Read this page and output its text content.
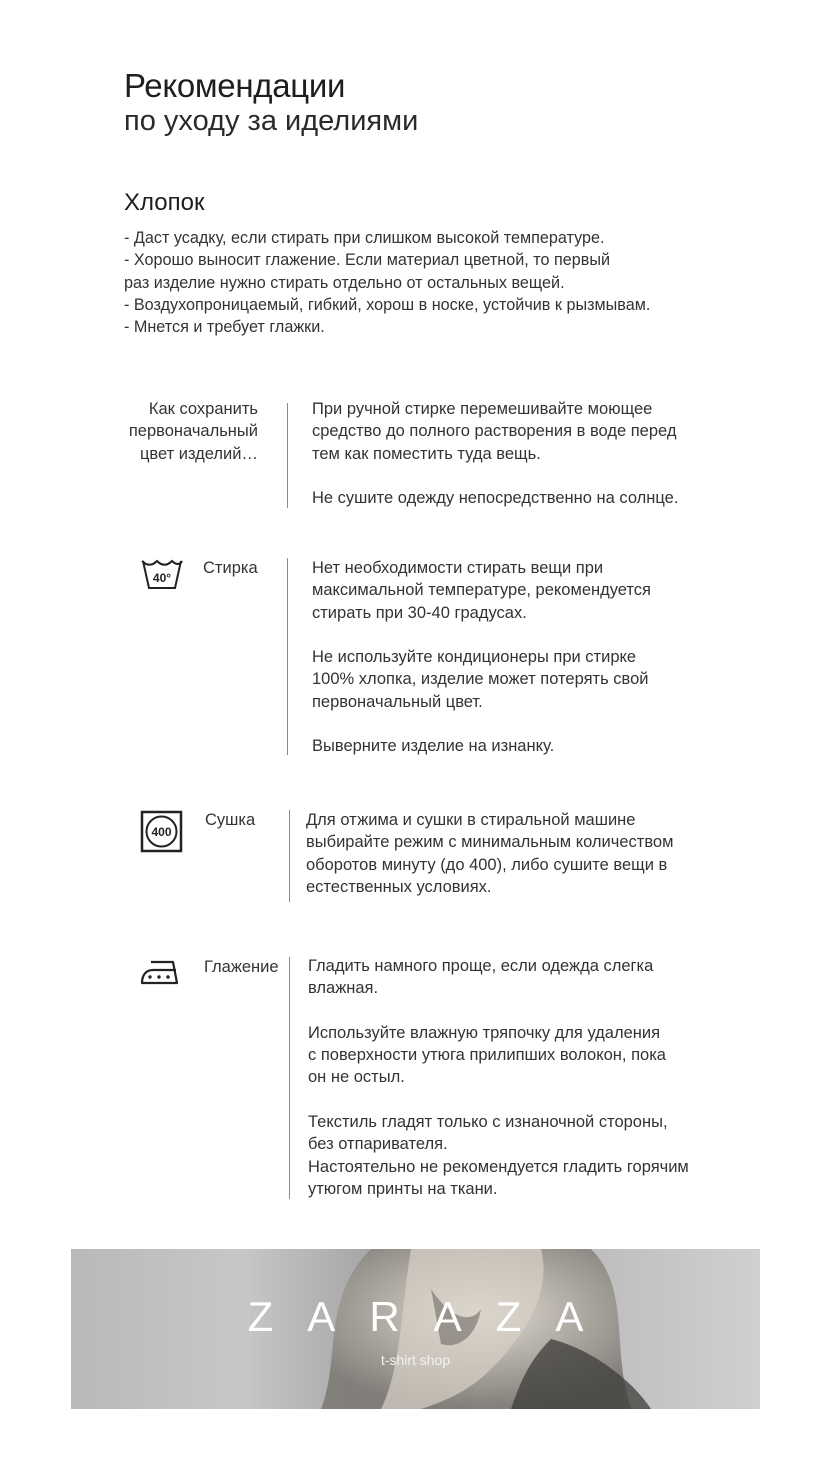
Рекомендации
по уходу за иделиями
Хлопок
- Даст усадку, если стирать при слишком высокой температуре.
- Хорошо выносит глажение. Если материал цветной, то первый
раз изделие нужно стирать отдельно от остальных вещей.
- Воздухопроницаемый, гибкий, хорош в носке, устойчив к рызмывам.
- Мнется и требует глажки.
Как сохранить
первоначальный
цвет изделий…
При ручной стирке перемешивайте моющее
средство до полного растворения в воде перед
тем как поместить туда вещь.
Не сушите одежду непосредственно на солнце.
40°
Стирка	Нет необходимости стирать вещи при
максимальной температуре, рекомендуется
стирать при 30-40 градусах.
Не используйте кондиционеры при стирке
100% хлопка, изделие может потерять свой
первоначальный цвет.
Выверните изделие на изнанку.
400
Сушка	Для отжима и сушки в стиральной машине
выбирайте режим с минимальным количеством
оборотов минуту (до 400), либо сушите вещи в
естественных условиях.
Глажение Гладить намного проще, если одежда слегка
влажная.
Используйте влажную тряпочку для удаления
с поверхности утюга прилипших волокон, пока
он не остыл.
Текстиль гладят только с изнаночной стороны,
без отпаривателя.
Настоятельно не рекомендуется гладить горячим
утюгом принты на ткани.
ZARAZA
t-shirt shop
